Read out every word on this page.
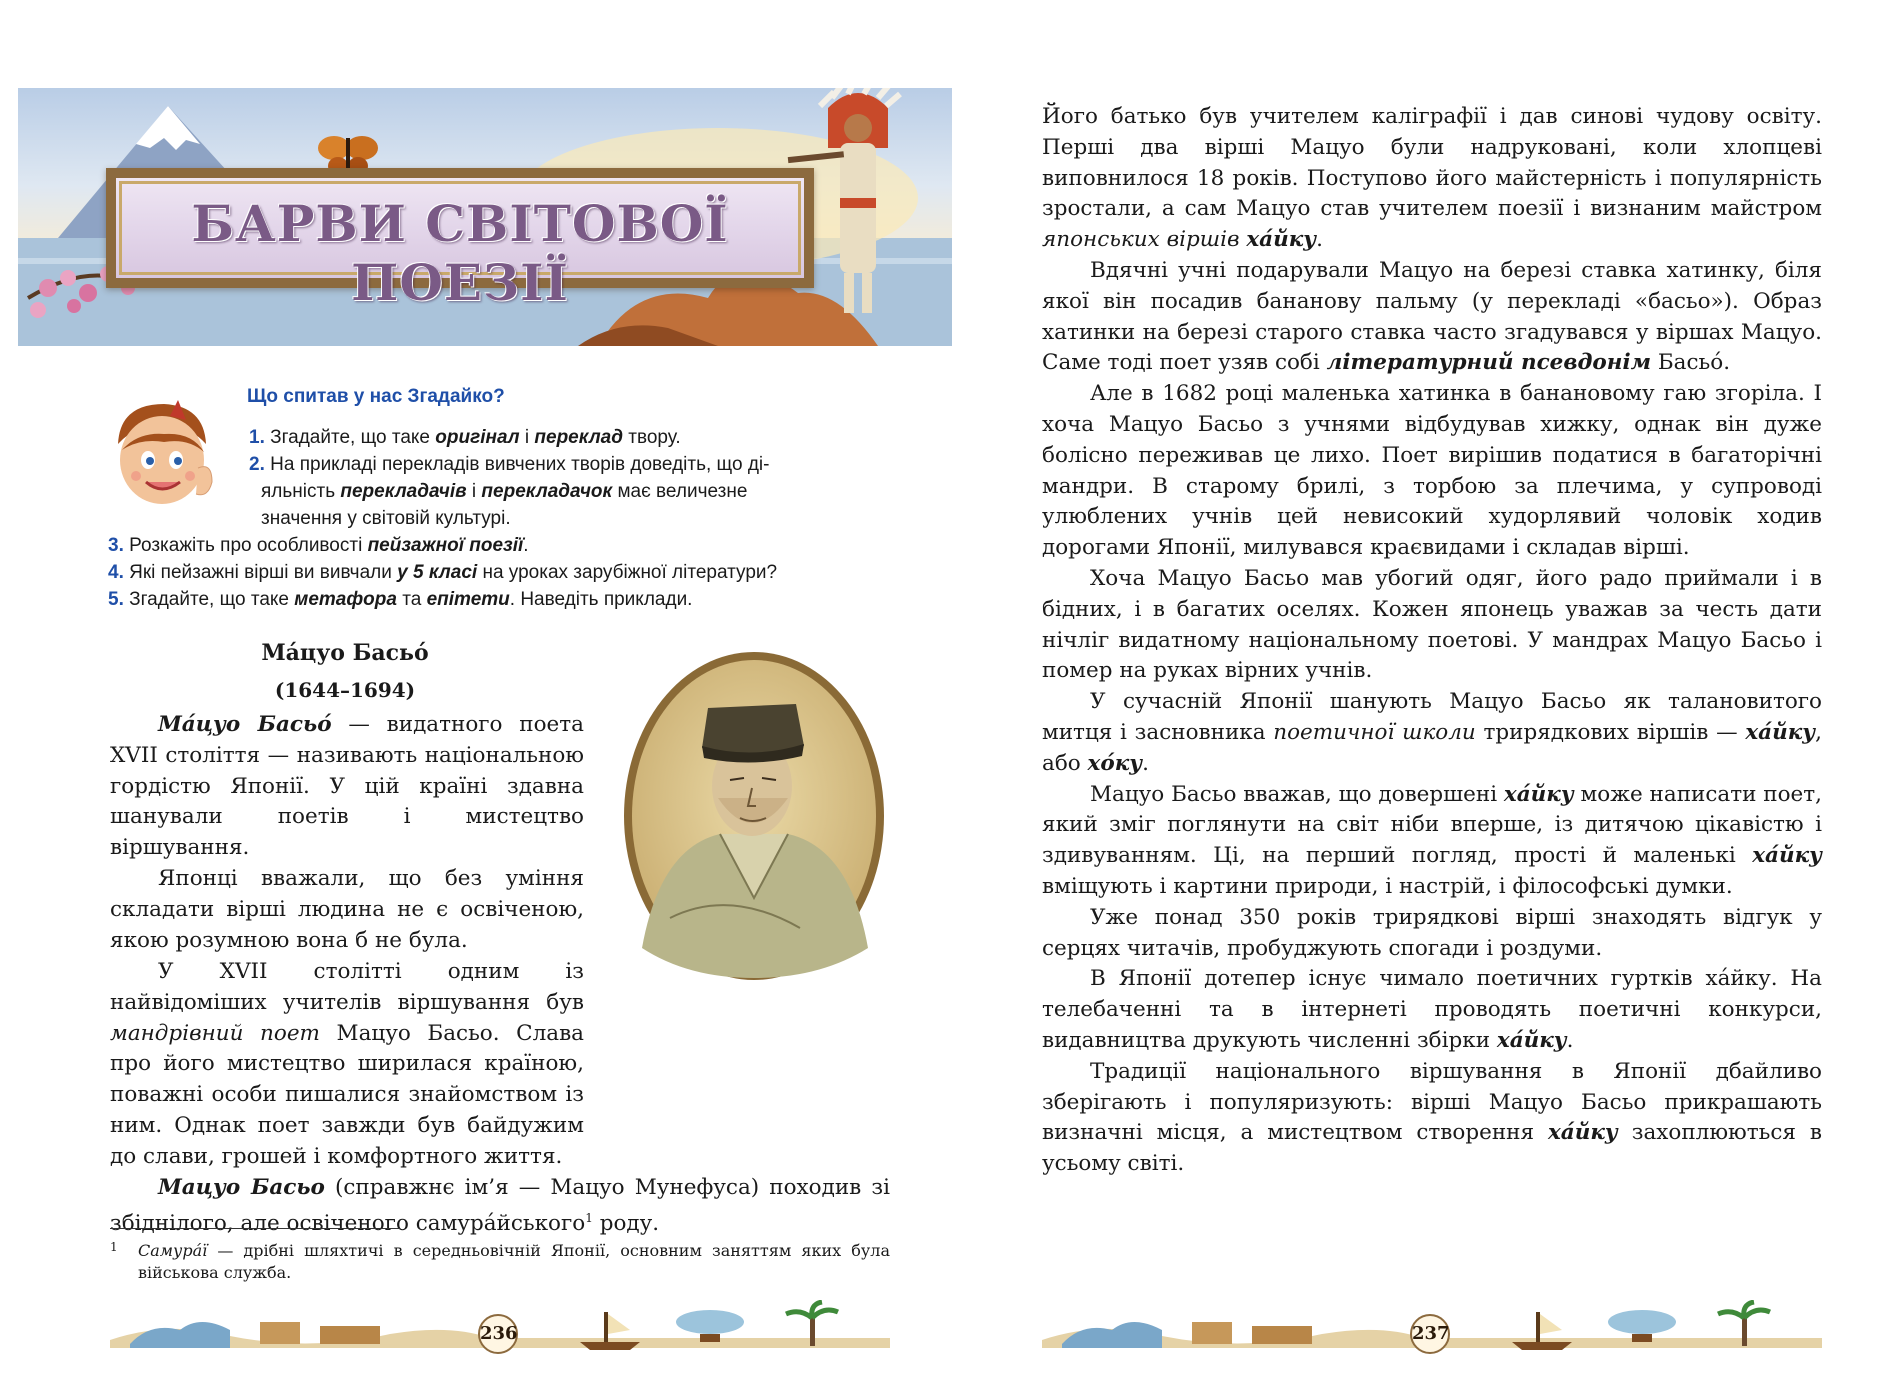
БАРВИ СВІТОВОЇ ПОЕЗІЇ
Що спитав у нас Згадайко?
1. Згадайте, що таке оригінал і переклад твору.
2. На прикладі перекладів вивчених творів доведіть, що ді-
яльність перекладачів і перекладачок має величезне
значення у світовій культурі.
3. Розкажіть про особливості пейзажної поезії.
4. Які пейзажні вірші ви вивчали у 5 класі на уроках зарубіжної літератури?
5. Згадайте, що таке метафора та епітети. Наведіть приклади.
Ма́цуо Басьо́
(1644–1694)

Ма́цуо Басьо́ — видатного поета XVII століття — називають національною гордістю Японії. У цій країні здавна шанували поетів і мистецтво віршування.

Японці вважали, що без уміння складати вірші людина не є освіченою, якою розумною вона б не була.

У XVII столітті одним із найвідоміших учителів віршування був мандрівний поет Мацуо Басьо. Слава про його мистецтво ширилася країною, поважні особи пишалися знайомством із ним. Однак поет завжди був байдужим до слави, грошей і комфортного життя.

Мацуо Басьо (справжнє ім’я — Мацуо Мунефуса) походив зі збіднілого, але освіченого самура́йського$^1$ роду.

1	Самура́ї — дрібні шляхтичі в середньовічній Японії, основним заняттям яких була військова служба.
236

Його батько був учителем каліграфії і дав синові чудову освіту. Перші два вірші Мацуо були надруковані, коли хлопцеві виповнилося 18 років. Поступово його майстерність і популярність зростали, а сам Мацуо став учителем поезії і визнаним майстром японських віршів ха́йку.

Вдячні учні подарували Мацуо на березі ставка хатинку, біля якої він посадив бананову пальму (у перекладі «басьо»). Образ хатинки на березі старого ставка часто згадувався у віршах Мацуо. Саме тоді поет узяв собі літературний псевдонім Басьо́.

Але в 1682 році маленька хатинка в банановому гаю згоріла. І хоча Мацуо Басьо з учнями відбудував хижку, однак він дуже болісно переживав це лихо. Поет вирішив податися в багаторічні мандри. В старому брилі, з торбою за плечима, у супроводі улюблених учнів цей невисокий худорлявий чоловік ходив дорогами Японії, милувався краєвидами і складав вірші.

Хоча Мацуо Басьо мав убогий одяг, його радо приймали і в бідних, і в багатих оселях. Кожен японець уважав за честь дати нічліг видатному національному поетові. У мандрах Мацуо Басьо і помер на руках вірних учнів.

У сучасній Японії шанують Мацуо Басьо як талановитого митця і засновника поетичної школи трирядкових віршів — ха́йку, або хо́ку.

Мацуо Басьо вважав, що довершені ха́йку може написати поет, який зміг поглянути на світ ніби вперше, із дитячою цікавістю і здивуванням. Ці, на перший погляд, прості й маленькі ха́йку вміщують і картини природи, і настрій, і філософські думки.

Уже понад 350 років трирядкові вірші знаходять відгук у серцях читачів, пробуджують спогади і роздуми.

В Японії дотепер існує чимало поетичних гуртків ха́йку. На телебаченні та в інтернеті проводять поетичні конкурси, видавництва друкують численні збірки ха́йку.

Традиції національного віршування в Японії дбайливо зберігають і популяризують: вірші Мацуо Басьо прикрашають визначні місця, а мистецтвом створення ха́йку захоплюються в усьому світі.

237
